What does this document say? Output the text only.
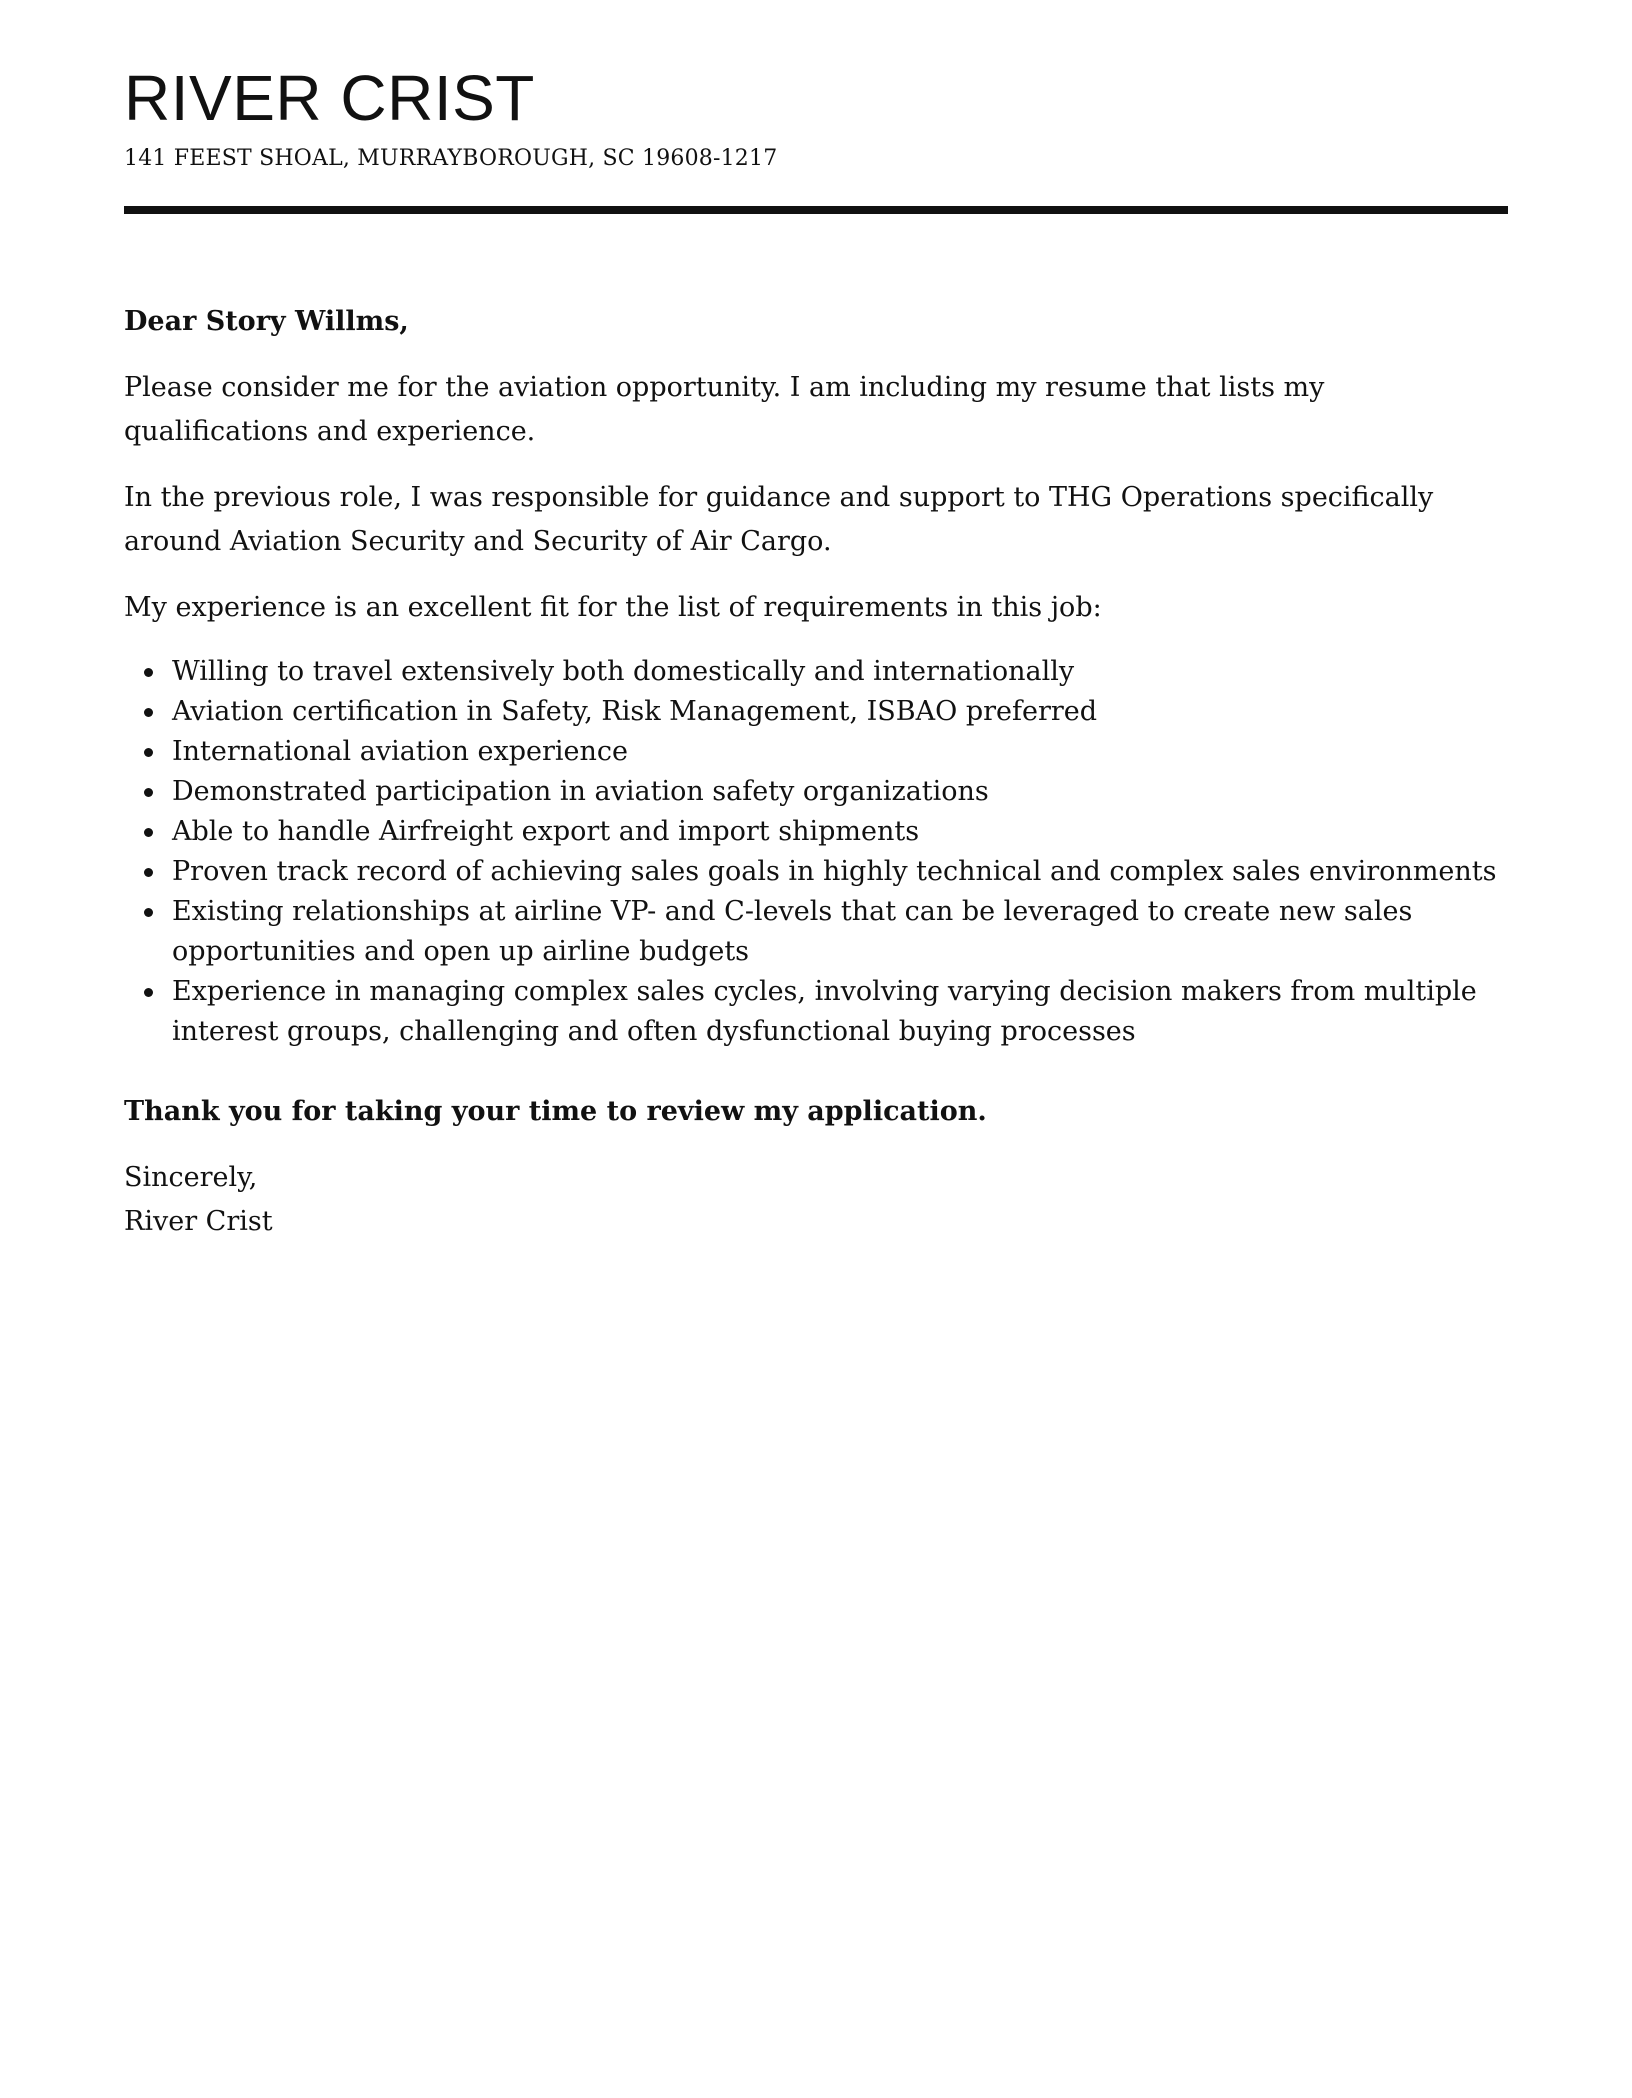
RIVER CRIST
141 FEEST SHOAL, MURRAYBOROUGH, SC 19608-1217

Dear Story Willms,

Please consider me for the aviation opportunity. I am including my resume that lists my qualifications and experience.

In the previous role, I was responsible for guidance and support to THG Operations specifically around Aviation Security and Security of Air Cargo.

My experience is an excellent fit for the list of requirements in this job:

Willing to travel extensively both domestically and internationally
Aviation certification in Safety, Risk Management, ISBAO preferred
International aviation experience
Demonstrated participation in aviation safety organizations
Able to handle Airfreight export and import shipments
Proven track record of achieving sales goals in highly technical and complex sales environments
Existing relationships at airline VP- and C-levels that can be leveraged to create new sales opportunities and open up airline budgets
Experience in managing complex sales cycles, involving varying decision makers from multiple interest groups, challenging and often dysfunctional buying processes

Thank you for taking your time to review my application.

Sincerely,
River Crist
